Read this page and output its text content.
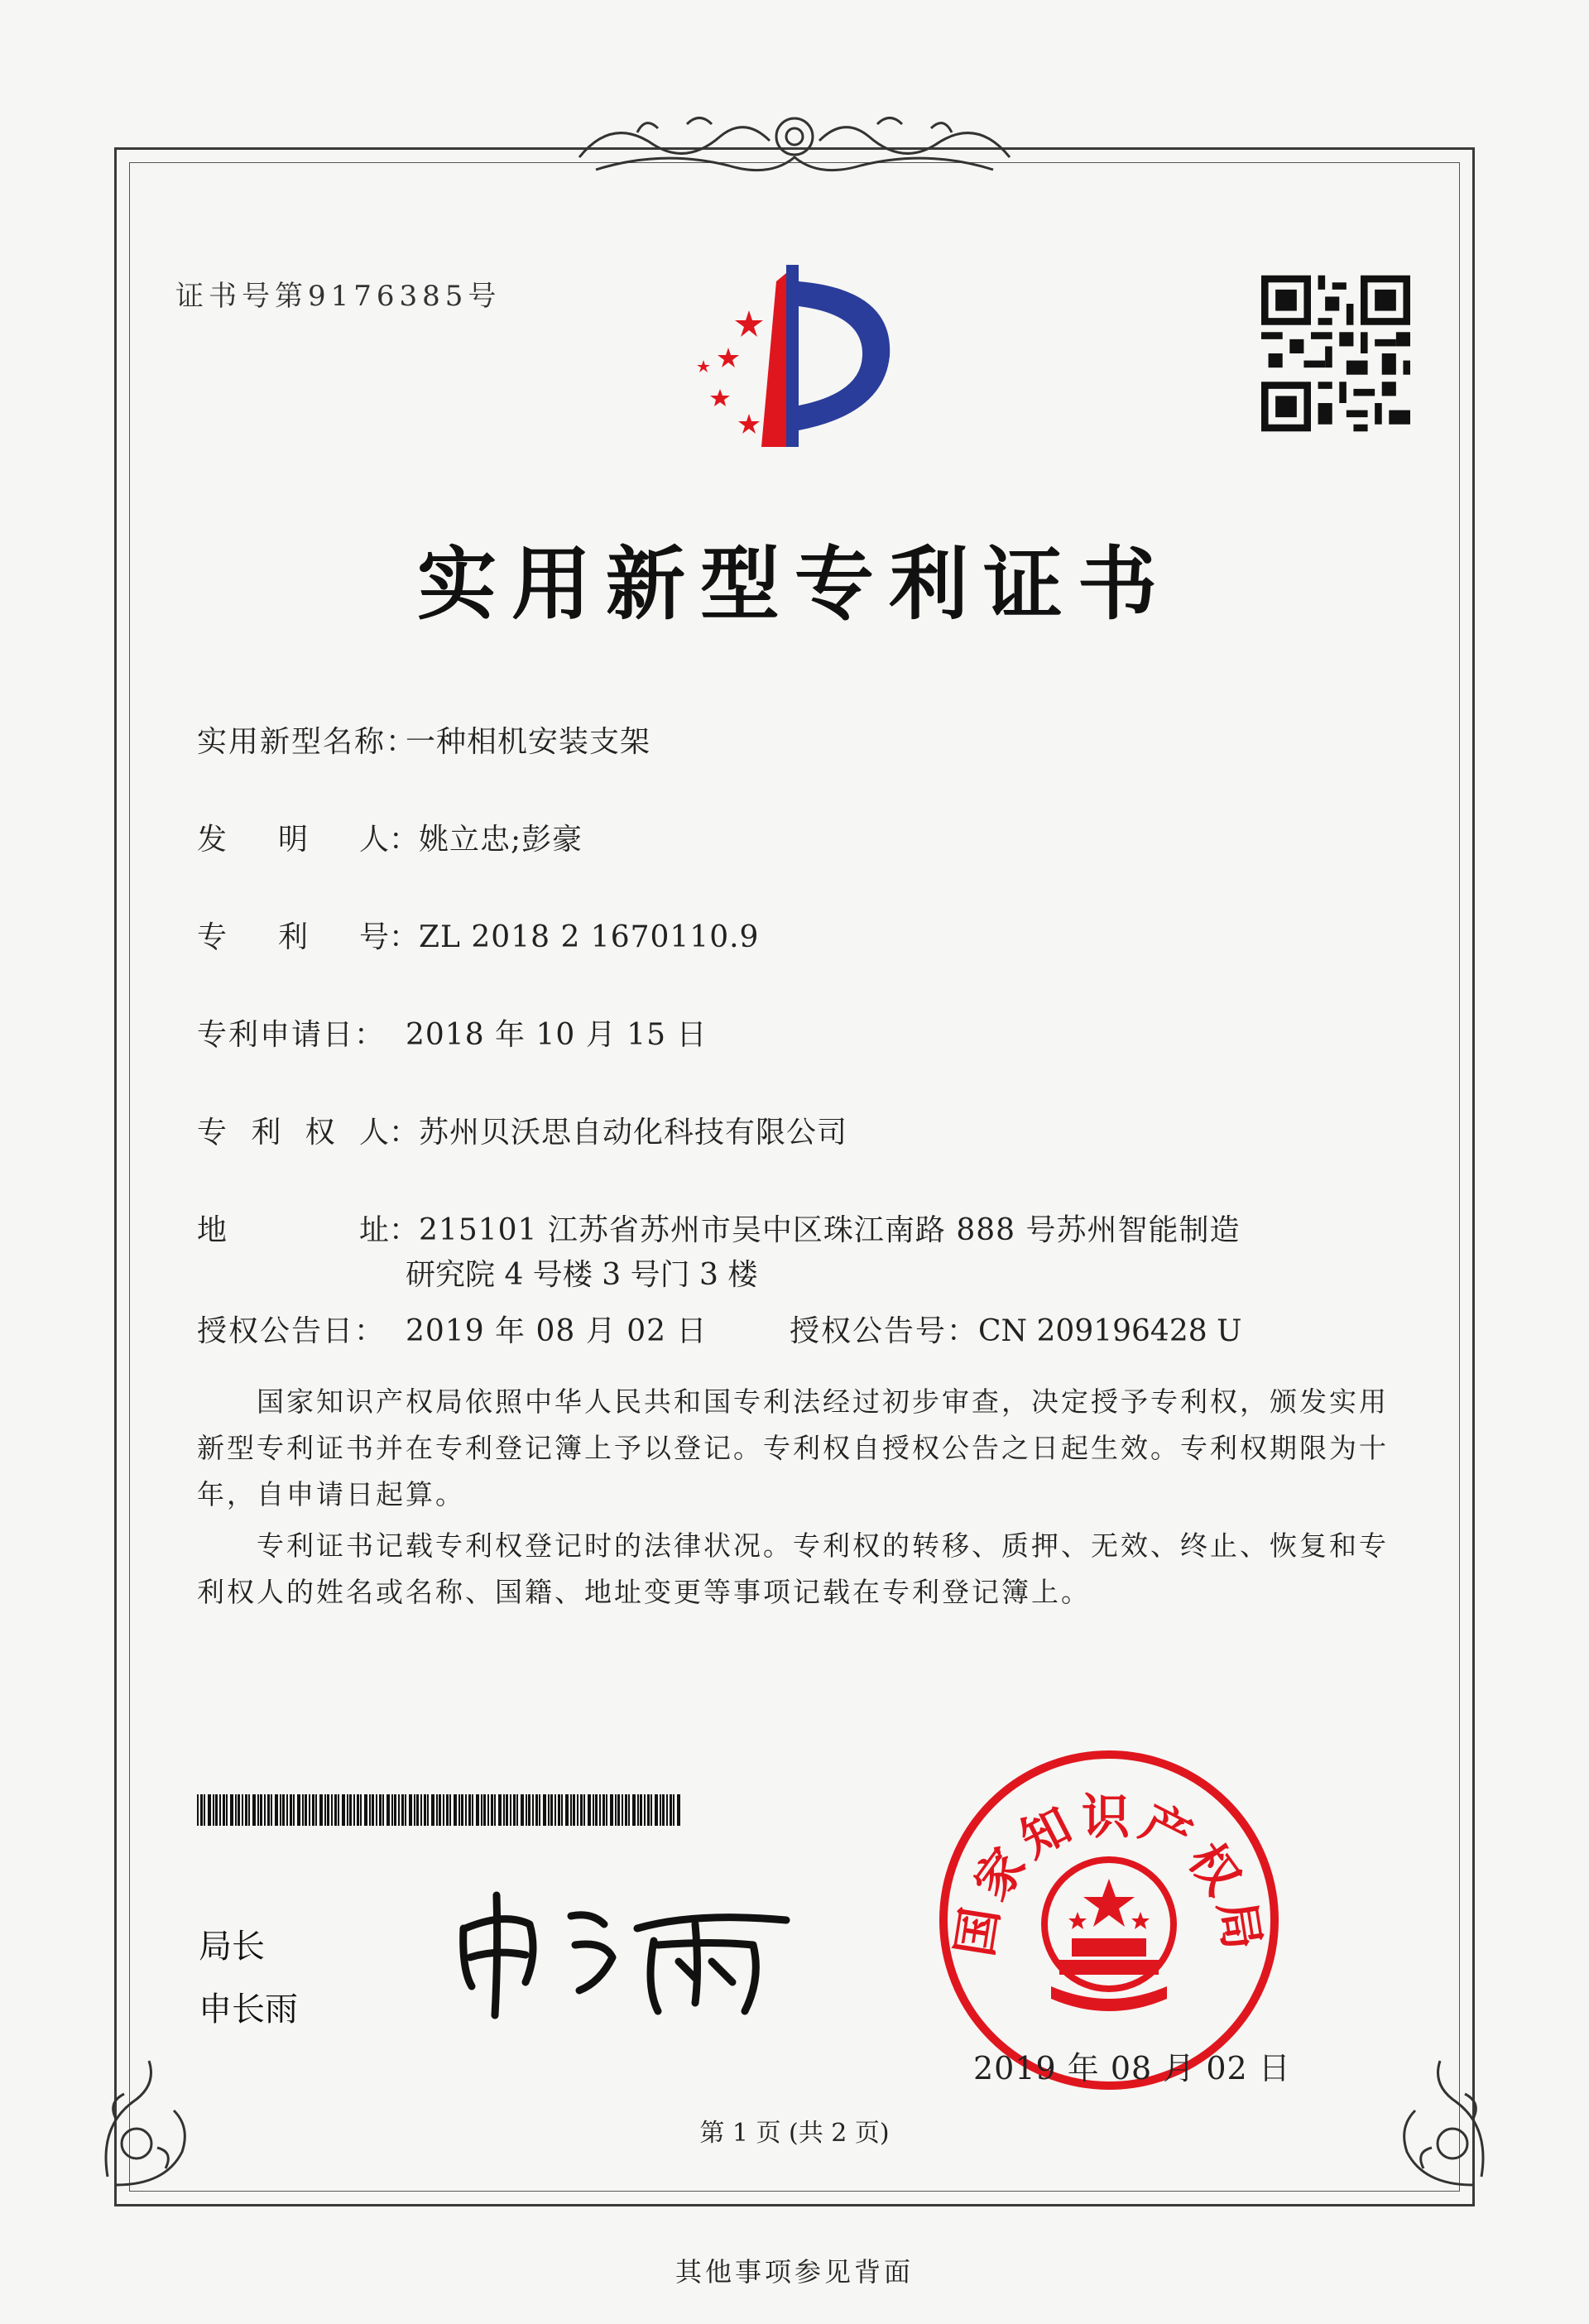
证书号第9176385号
实用新型专利证书
实用新型名称：一种相机安装支架
发 明 人 ：姚立忠;彭豪
专 利 号 ：ZL 2018 2 1670110.9
专利申请日： 2018 年 10 月 15 日
专 利 权 人 ：苏州贝沃思自动化科技有限公司
地	址 ：215101 江苏省苏州市吴中区珠江南路 888 号苏州智能制造
研究院 4 号楼 3 号门 3 楼
授权公告日： 2019 年 08 月 02 日	授权公告号：CN 209196428 U
国家知识产权局依照中华人民共和国专利法经过初步审查，决定授予专利权，颁发实用新型专利证书并在专利登记簿上予以登记。专利权自授权公告之日起生效。专利权期限为十年，自申请日起算。
专利证书记载专利权登记时的法律状况。专利权的转移、质押、无效、终止、恢复和专利权人的姓名或名称、国籍、地址变更等事项记载在专利登记簿上。
局长
申长雨
国家知识产权局
2019 年 08 月 02 日
第 1 页 (共 2 页)
其他事项参见背面
